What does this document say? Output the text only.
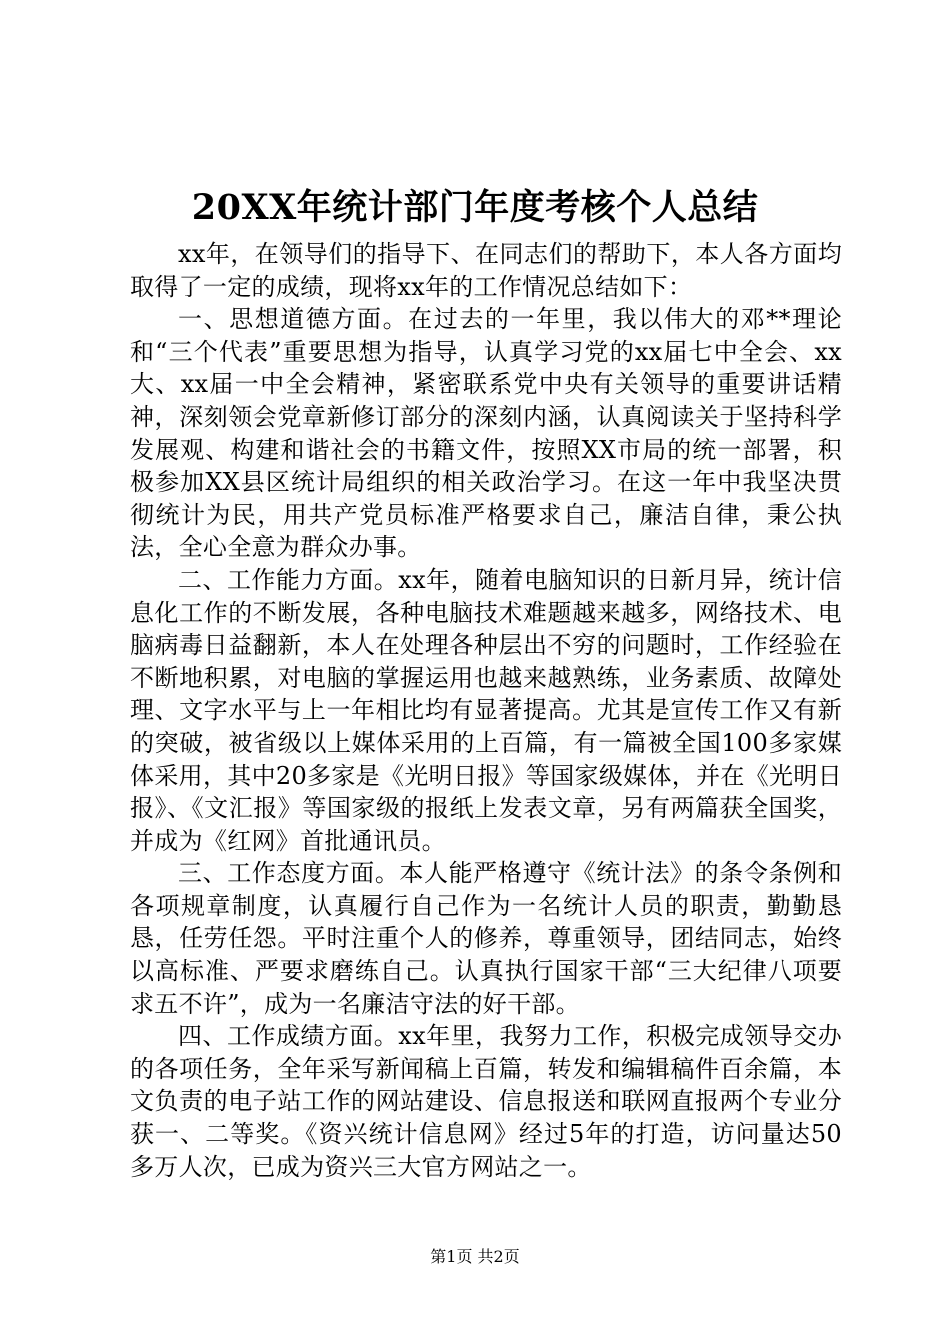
20XX年统计部门年度考核个人总结

xx年，在领导们的指导下、在同志们的帮助下，本人各方面均取得了一定的成绩，现将xx年的工作情况总结如下：

一、思想道德方面。在过去的一年里，我以伟大的邓**理论和“三个代表”重要思想为指导，认真学习党的xx届七中全会、xx大、xx届一中全会精神，紧密联系党中央有关领导的重要讲话精神，深刻领会党章新修订部分的深刻内涵，认真阅读关于坚持科学发展观、构建和谐社会的书籍文件，按照XX市局的统一部署，积极参加XX县区统计局组织的相关政治学习。在这一年中我坚决贯彻统计为民，用共产党员标准严格要求自己，廉洁自律，秉公执法，全心全意为群众办事。

二、工作能力方面。xx年，随着电脑知识的日新月异，统计信息化工作的不断发展，各种电脑技术难题越来越多，网络技术、电脑病毒日益翻新，本人在处理各种层出不穷的问题时，工作经验在不断地积累，对电脑的掌握运用也越来越熟练，业务素质、故障处理、文字水平与上一年相比均有显著提高。尤其是宣传工作又有新的突破，被省级以上媒体采用的上百篇，有一篇被全国100多家媒体采用，其中20多家是《光明日报》等国家级媒体，并在《光明日报》、《文汇报》等国家级的报纸上发表文章，另有两篇获全国奖，并成为《红网》首批通讯员。

三、工作态度方面。本人能严格遵守《统计法》的条令条例和各项规章制度，认真履行自己作为一名统计人员的职责，勤勤恳恳，任劳任怨。平时注重个人的修养，尊重领导，团结同志，始终以高标准、严要求磨练自己。认真执行国家干部“三大纪律八项要求五不许”，成为一名廉洁守法的好干部。

四、工作成绩方面。xx年里，我努力工作，积极完成领导交办的各项任务，全年采写新闻稿上百篇，转发和编辑稿件百余篇，本文负责的电子站工作的网站建设、信息报送和联网直报两个专业分获一、二等奖。《资兴统计信息网》经过5年的打造，访问量达50多万人次，已成为资兴三大官方网站之一。

第1页 共2页
